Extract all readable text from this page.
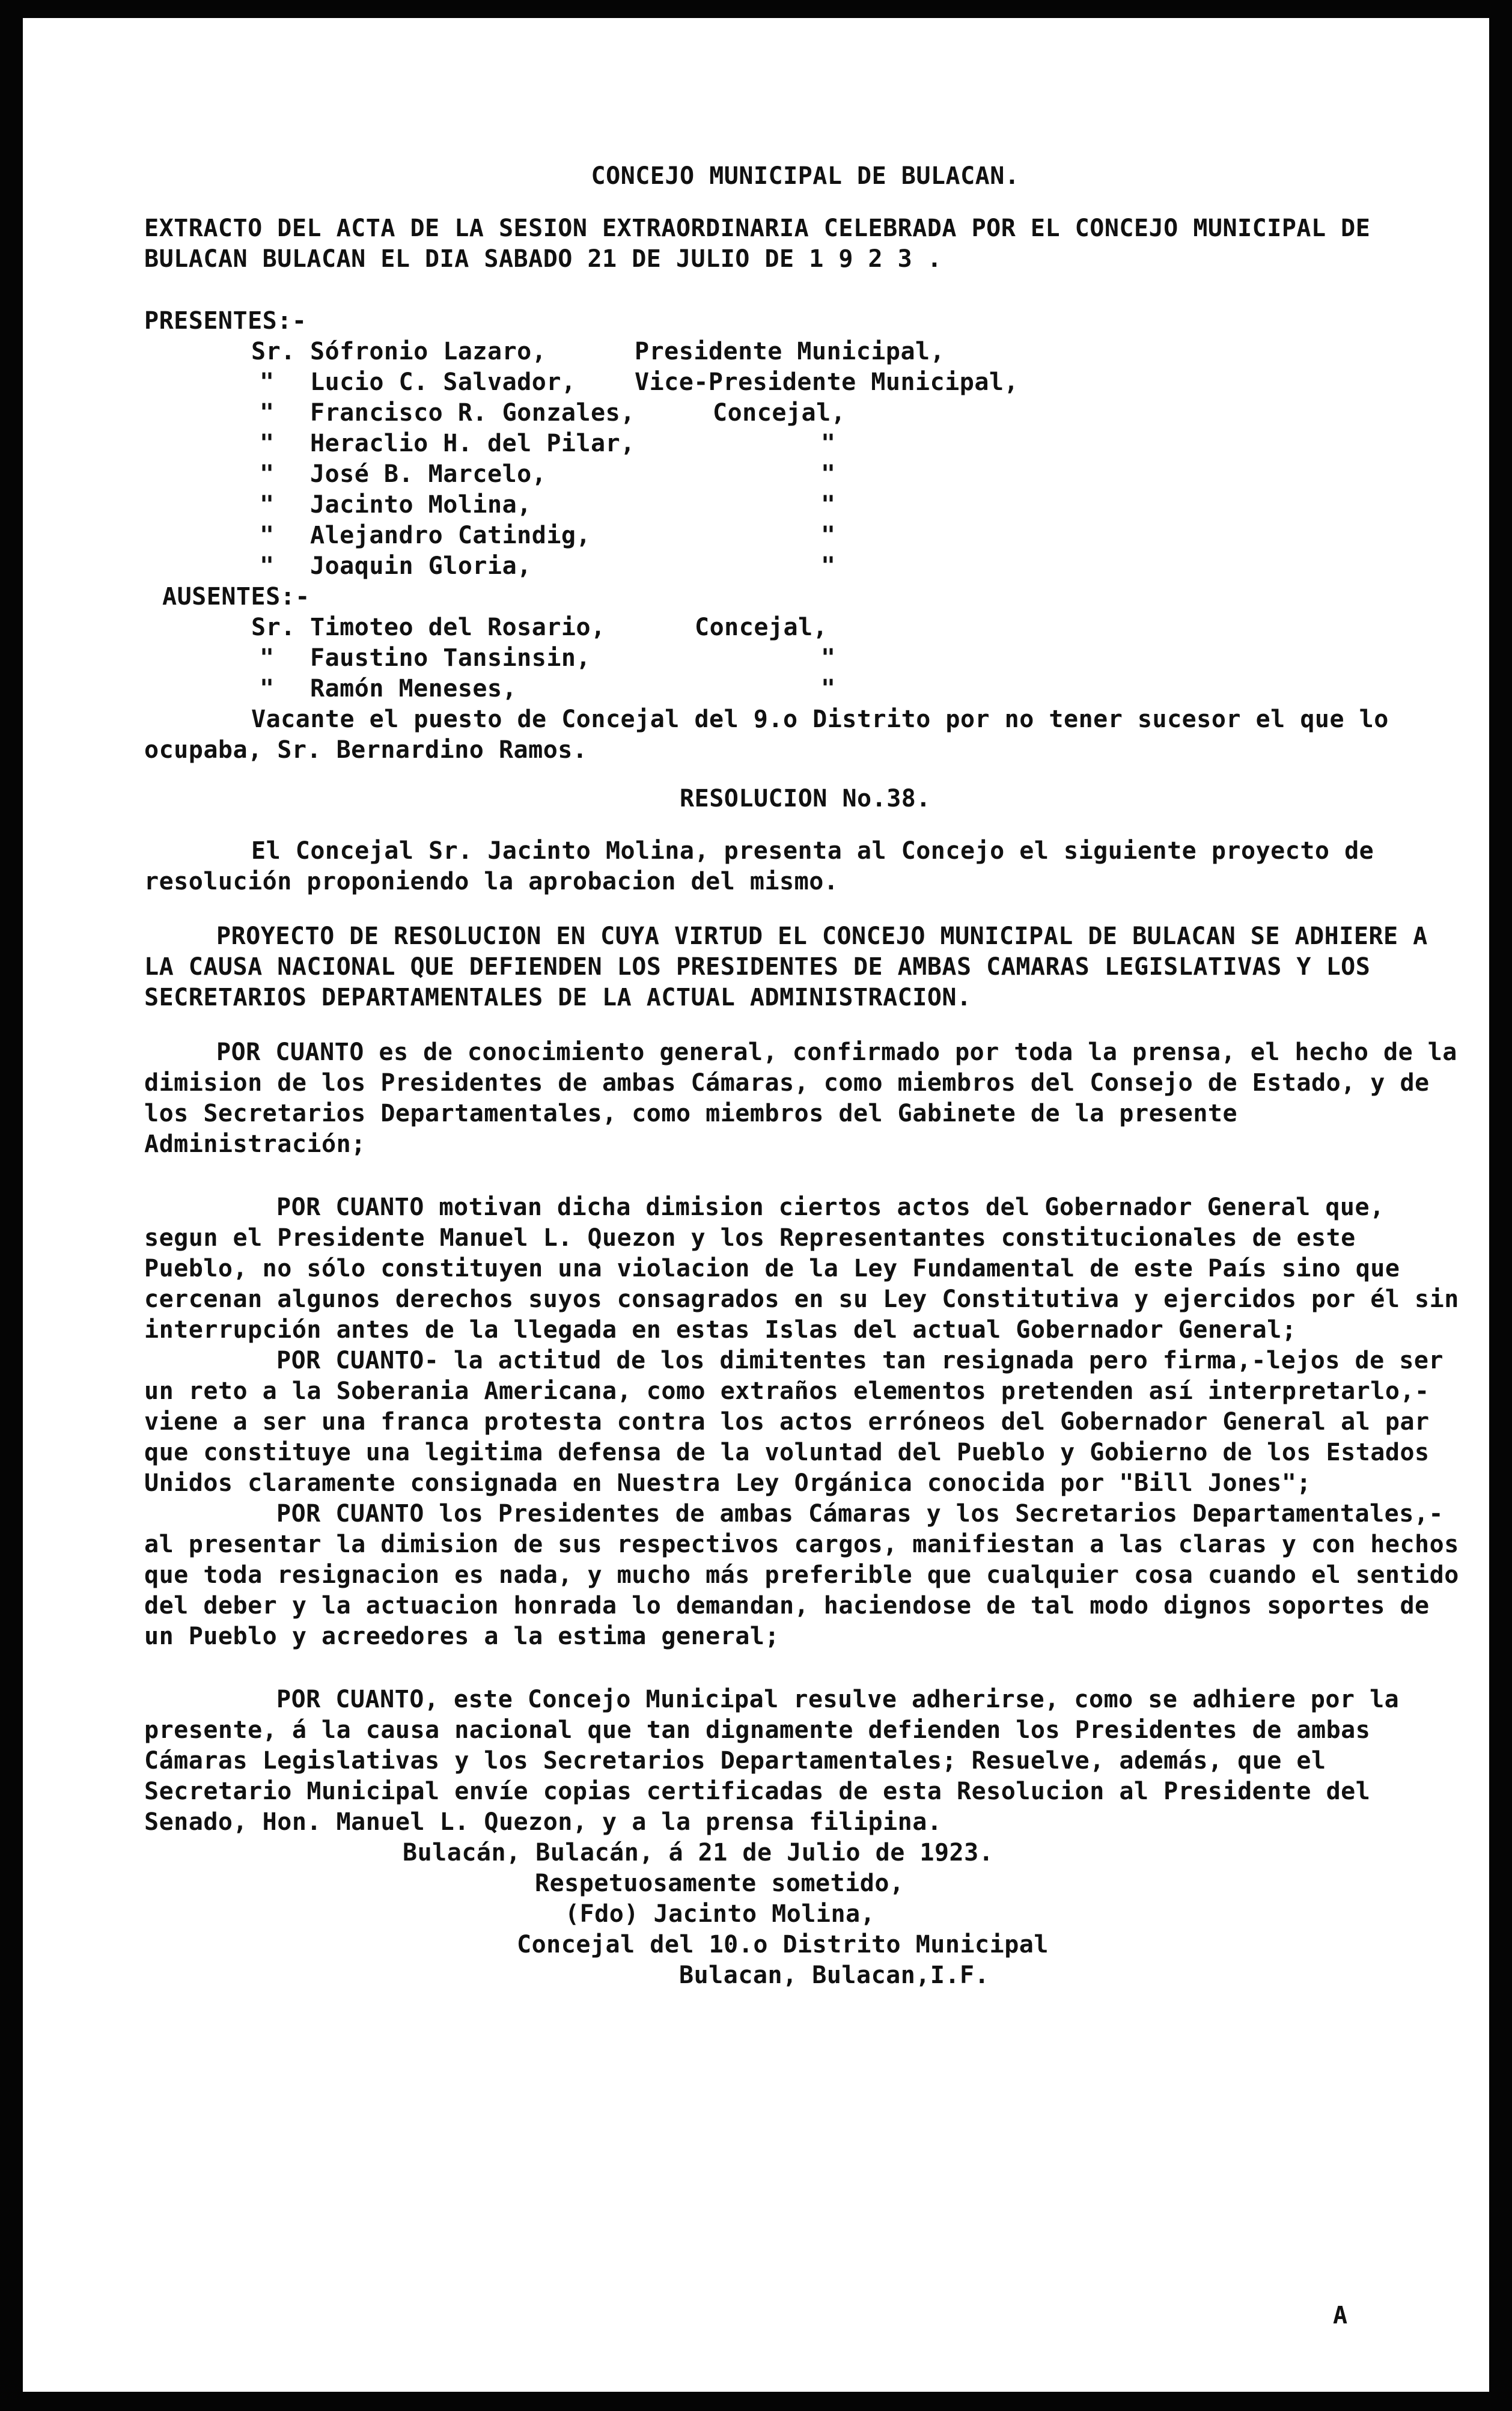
CONCEJO MUNICIPAL DE BULACAN.
EXTRACTO DEL ACTA DE LA SESION EXTRAORDINARIA CELEBRADA POR EL CONCEJO MUNICIPAL DE BULACAN BULACAN EL DIA SABADO 21 DE JULIO DE 1 9 2 3 .
PRESENTES:-
Sr. Sófronio Lazaro,	Presidente Municipal,
" Lucio C. Salvador, Vice-Presidente Municipal,
" Francisco R. Gonzales,	Concejal,
" Heraclio H. del Pilar,	"
" José B. Marcelo,	"
" Jacinto Molina,	"
" Alejandro Catindig,	"
" Joaquin Gloria,	"
AUSENTES:-
Sr. Timoteo del Rosario,	Concejal,
" Faustino Tansinsin,	"
" Ramón Meneses,	"
Vacante el puesto de Concejal del 9.o Distrito por no tener sucesor el que lo ocupaba, Sr. Bernardino Ramos.
RESOLUCION No.38.
El Concejal Sr. Jacinto Molina, presenta al Concejo el siguiente proyecto de resolución proponiendo la aprobacion del mismo.
PROYECTO DE RESOLUCION EN CUYA VIRTUD EL CONCEJO MUNICIPAL DE BULACAN SE ADHIERE A LA CAUSA NACIONAL QUE DEFIENDEN LOS PRESIDENTES DE AMBAS CAMARAS LEGISLATIVAS Y LOS SECRETARIOS DEPARTAMENTALES DE LA ACTUAL ADMINISTRACION.
POR CUANTO es de conocimiento general, confirmado por toda la prensa, el hecho de la dimision de los Presidentes de ambas Cámaras, como miembros del Consejo de Estado, y de los Secretarios Departamentales, como miembros del Gabinete de la presente Administración;
POR CUANTO motivan dicha dimision ciertos actos del Gobernador General que, segun el Presidente Manuel L. Quezon y los Representantes constitucionales de este Pueblo, no sólo constituyen una violacion de la Ley Fundamental de este País sino que cercenan algunos derechos suyos consagrados en su Ley Constitutiva y ejercidos por él sin interrupción antes de la llegada en estas Islas del actual Gobernador General;
POR CUANTO- la actitud de los dimitentes tan resignada pero firma,-lejos de ser un reto a la Soberania Americana, como extraños elementos pretenden así interpretarlo,-viene a ser una franca protesta contra los actos erróneos del Gobernador General al par que constituye una legitima defensa de la voluntad del Pueblo y Gobierno de los Estados Unidos claramente consignada en Nuestra Ley Orgánica conocida por "Bill Jones";
POR CUANTO los Presidentes de ambas Cámaras y los Secretarios Departamentales,- al presentar la dimision de sus respectivos cargos, manifiestan a las claras y con hechos que toda resignacion es nada, y mucho más preferible que cualquier cosa cuando el sentido del deber y la actuacion honrada lo demandan, haciendose de tal modo dignos soportes de un Pueblo y acreedores a la estima general;
POR CUANTO, este Concejo Municipal resulve adherirse, como se adhiere por la presente, á la causa nacional que tan dignamente defienden los Presidentes de ambas Cámaras Legislativas y los Secretarios Departamentales; Resuelve, además, que el Secretario Municipal envíe copias certificadas de esta Resolucion al Presidente del Senado, Hon. Manuel L. Quezon, y a la prensa filipina.
Bulacán, Bulacán, á 21 de Julio de 1923.
Respetuosamente sometido,
(Fdo) Jacinto Molina,
Concejal del 10.o Distrito Municipal
Bulacan, Bulacan,I.F.
A
